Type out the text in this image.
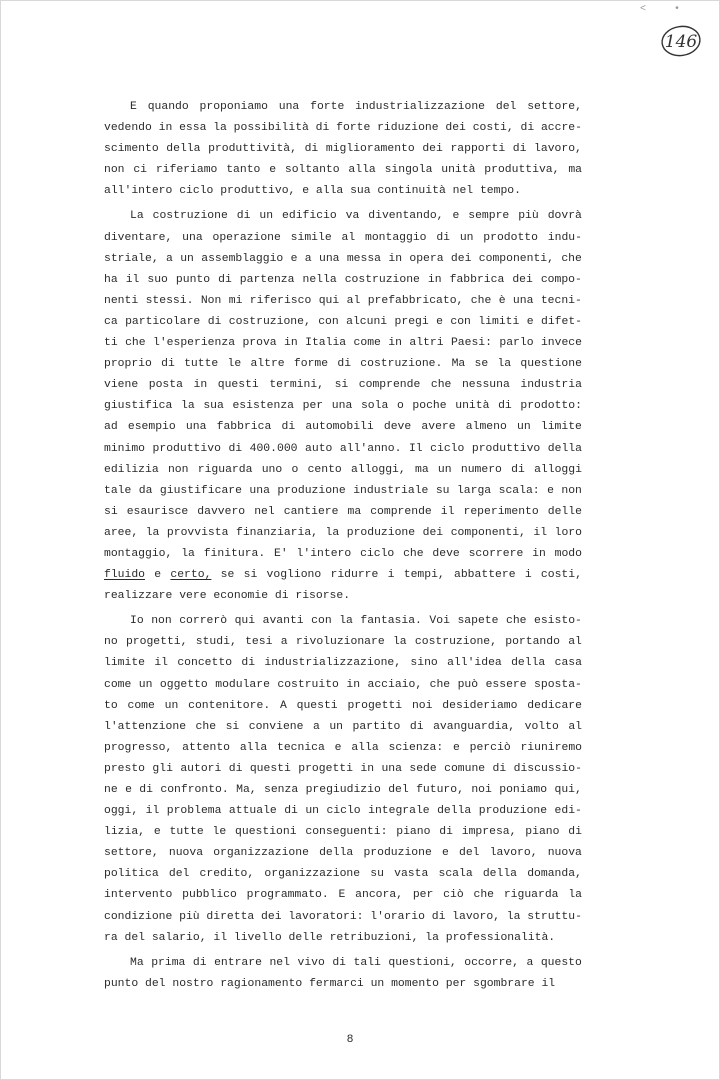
<•
146

E quando proponiamo una forte industrializzazione del settore,
vedendo in essa la possibilità di forte riduzione dei costi, di accre-
scimento della produttività, di miglioramento dei rapporti di lavoro,
non ci riferiamo tanto e soltanto alla singola unità produttiva, ma
all'intero ciclo produttivo, e alla sua continuità nel tempo.

La costruzione di un edificio va diventando, e sempre più dovrà
diventare, una operazione simile al montaggio di un prodotto indu-
striale, a un assemblaggio e a una messa in opera dei componenti, che
ha il suo punto di partenza nella costruzione in fabbrica dei compo-
nenti stessi. Non mi riferisco qui al prefabbricato, che è una tecni-
ca particolare di costruzione, con alcuni pregi e con limiti e difet-
ti che l'esperienza prova in Italia come in altri Paesi: parlo invece
proprio di tutte le altre forme di costruzione. Ma se la questione
viene posta in questi termini, si comprende che nessuna industria
giustifica la sua esistenza per una sola o poche unità di prodotto:
ad esempio una fabbrica di automobili deve avere almeno un limite
minimo produttivo di 400.000 auto all'anno. Il ciclo produttivo della
edilizia non riguarda uno o cento alloggi, ma un numero di alloggi
tale da giustificare una produzione industriale su larga scala: e non
si esaurisce davvero nel cantiere ma comprende il reperimento delle
aree, la provvista finanziaria, la produzione dei componenti, il loro
montaggio, la finitura. E' l'intero ciclo che deve scorrere in modo
fluido e certo, se si vogliono ridurre i tempi, abbattere i costi,
realizzare vere economie di risorse.

Io non correrò qui avanti con la fantasia. Voi sapete che esisto-
no progetti, studi, tesi a rivoluzionare la costruzione, portando al
limite il concetto di industrializzazione, sino all'idea della casa
come un oggetto modulare costruito in acciaio, che può essere sposta-
to come un contenitore. A questi progetti noi desideriamo dedicare
l'attenzione che si conviene a un partito di avanguardia, volto al
progresso, attento alla tecnica e alla scienza: e perciò riuniremo
presto gli autori di questi progetti in una sede comune di discussio-
ne e di confronto. Ma, senza pregiudizio del futuro, noi poniamo qui,
oggi, il problema attuale di un ciclo integrale della produzione edi-
lizia, e tutte le questioni conseguenti: piano di impresa, piano di
settore, nuova organizzazione della produzione e del lavoro, nuova
politica del credito, organizzazione su vasta scala della domanda,
intervento pubblico programmato. E ancora, per ciò che riguarda la
condizione più diretta dei lavoratori: l'orario di lavoro, la struttu-
ra del salario, il livello delle retribuzioni, la professionalità.

Ma prima di entrare nel vivo di tali questioni, occorre, a questo
punto del nostro ragionamento fermarci un momento per sgombrare il

8
